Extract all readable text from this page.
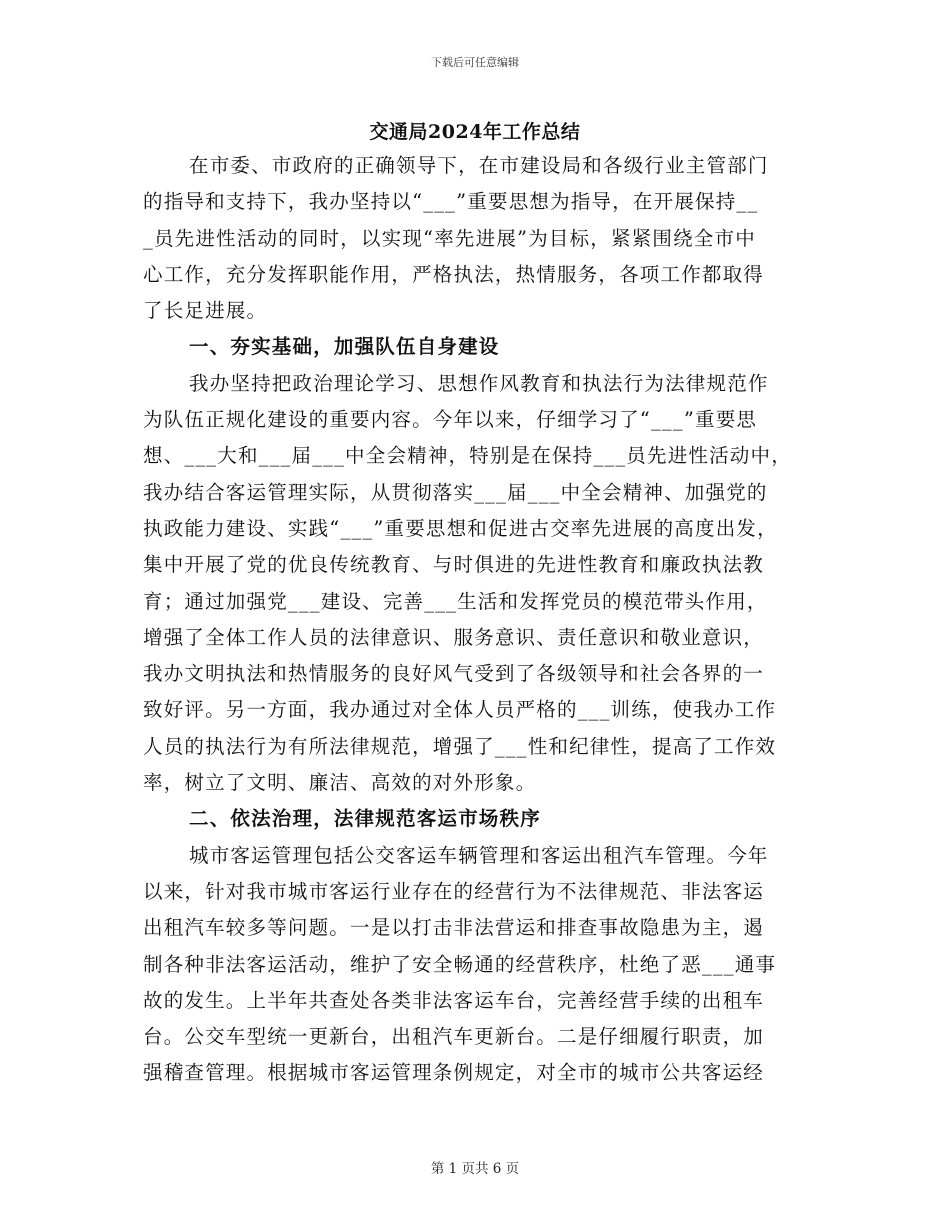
下载后可任意编辑
交通局2024年工作总结
在市委、市政府的正确领导下，在市建设局和各级行业主管部门
的指导和支持下，我办坚持以“___”重要思想为指导，在开展保持__
_员先进性活动的同时，以实现“率先进展”为目标，紧紧围绕全市中
心工作，充分发挥职能作用，严格执法，热情服务，各项工作都取得
了长足进展。
一、夯实基础，加强队伍自身建设
我办坚持把政治理论学习、思想作风教育和执法行为法律规范作
为队伍正规化建设的重要内容。今年以来，仔细学习了“___”重要思
想、___大和___届___中全会精神，特别是在保持___员先进性活动中，
我办结合客运管理实际，从贯彻落实___届___中全会精神、加强党的
执政能力建设、实践“___”重要思想和促进古交率先进展的高度出发，
集中开展了党的优良传统教育、与时俱进的先进性教育和廉政执法教
育；通过加强党___建设、完善___生活和发挥党员的模范带头作用，
增强了全体工作人员的法律意识、服务意识、责任意识和敬业意识，
我办文明执法和热情服务的良好风气受到了各级领导和社会各界的一
致好评。另一方面，我办通过对全体人员严格的___训练，使我办工作
人员的执法行为有所法律规范，增强了___性和纪律性，提高了工作效
率，树立了文明、廉洁、高效的对外形象。
二、依法治理，法律规范客运市场秩序
城市客运管理包括公交客运车辆管理和客运出租汽车管理。今年
以来，针对我市城市客运行业存在的经营行为不法律规范、非法客运
出租汽车较多等问题。一是以打击非法营运和排查事故隐患为主，遏
制各种非法客运活动，维护了安全畅通的经营秩序，杜绝了恶___通事
故的发生。上半年共查处各类非法客运车台，完善经营手续的出租车
台。公交车型统一更新台，出租汽车更新台。二是仔细履行职责，加
强稽查管理。根据城市客运管理条例规定，对全市的城市公共客运经
第 1 页共 6 页
